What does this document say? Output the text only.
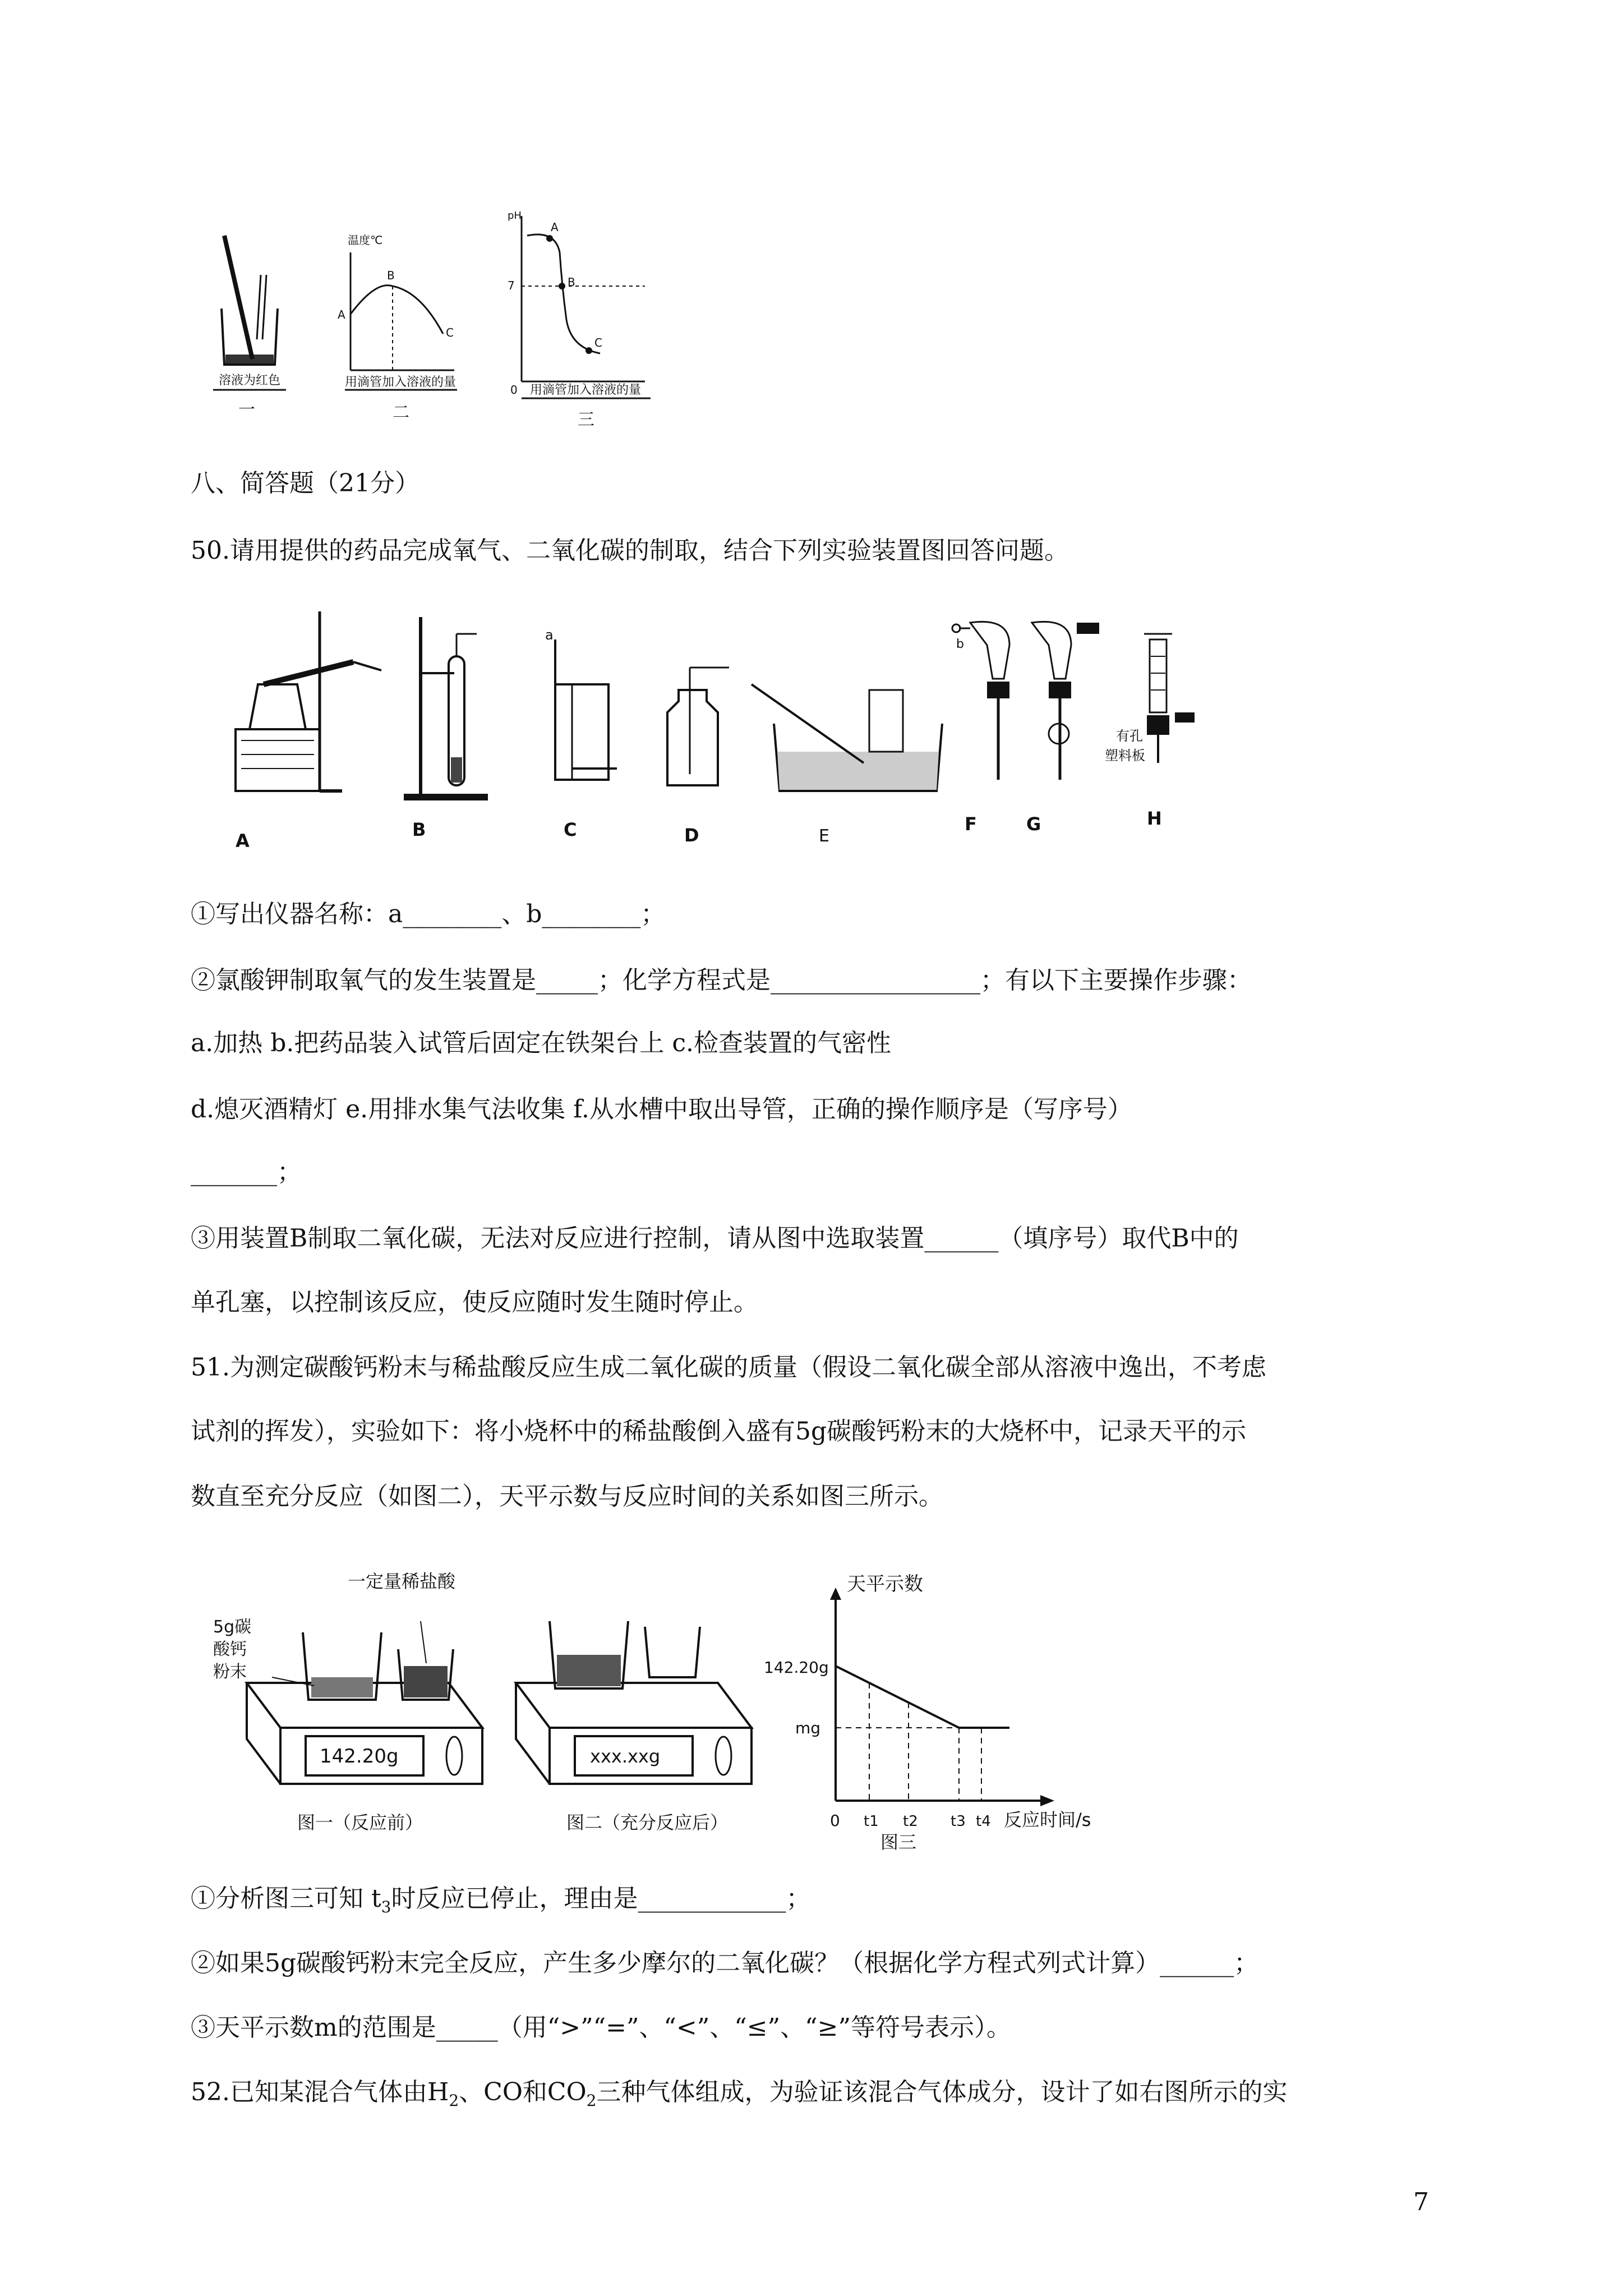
溶液为红色
一
温度℃
A
B
C
用滴管加入溶液的量
二
pH
7
0
A
B
C
用滴管加入溶液的量
三
八、简答题（21分）
50.请用提供的药品完成氧气、二氧化碳的制取，结合下列实验装置图回答问题。
A
B
a
C	D	E
b
F
有孔
塑料板
G	H
①写出仪器名称：a________、b________；
②氯酸钾制取氧气的发生装置是_____；化学方程式是_________________；有以下主要操作步骤：
a.加热 b.把药品装入试管后固定在铁架台上 c.检查装置的气密性
d.熄灭酒精灯 e.用排水集气法收集 f.从水槽中取出导管，正确的操作顺序是（写序号）
_______；
③用装置B制取二氧化碳，无法对反应进行控制，请从图中选取装置______（填序号）取代B中的
单孔塞，以控制该反应，使反应随时发生随时停止。
51.为测定碳酸钙粉末与稀盐酸反应生成二氧化碳的质量（假设二氧化碳全部从溶液中逸出，不考虑
试剂的挥发），实验如下：将小烧杯中的稀盐酸倒入盛有5g碳酸钙粉末的大烧杯中，记录天平的示
数直至充分反应（如图二），天平示数与反应时间的关系如图三所示。
一定量稀盐酸
5g碳
酸钙
粉末
142.20g
图一（反应前）
xxx.xxg
图二（充分反应后）
天平示数
142.20g
mg
0 t1 t2 t3 t4 反应时间/s
图三
①分析图三可知 $t_3$时反应已停止，理由是____________；
②如果5g碳酸钙粉末完全反应，产生多少摩尔的二氧化碳？（根据化学方程式列式计算）______；
③天平示数m的范围是_____（用“>”“=”、“<”、“≤”、“≥”等符号表示）。
52.已知某混合气体由$H_2$、CO和$CO_2$三种气体组成，为验证该混合气体成分，设计了如右图所示的实
7
